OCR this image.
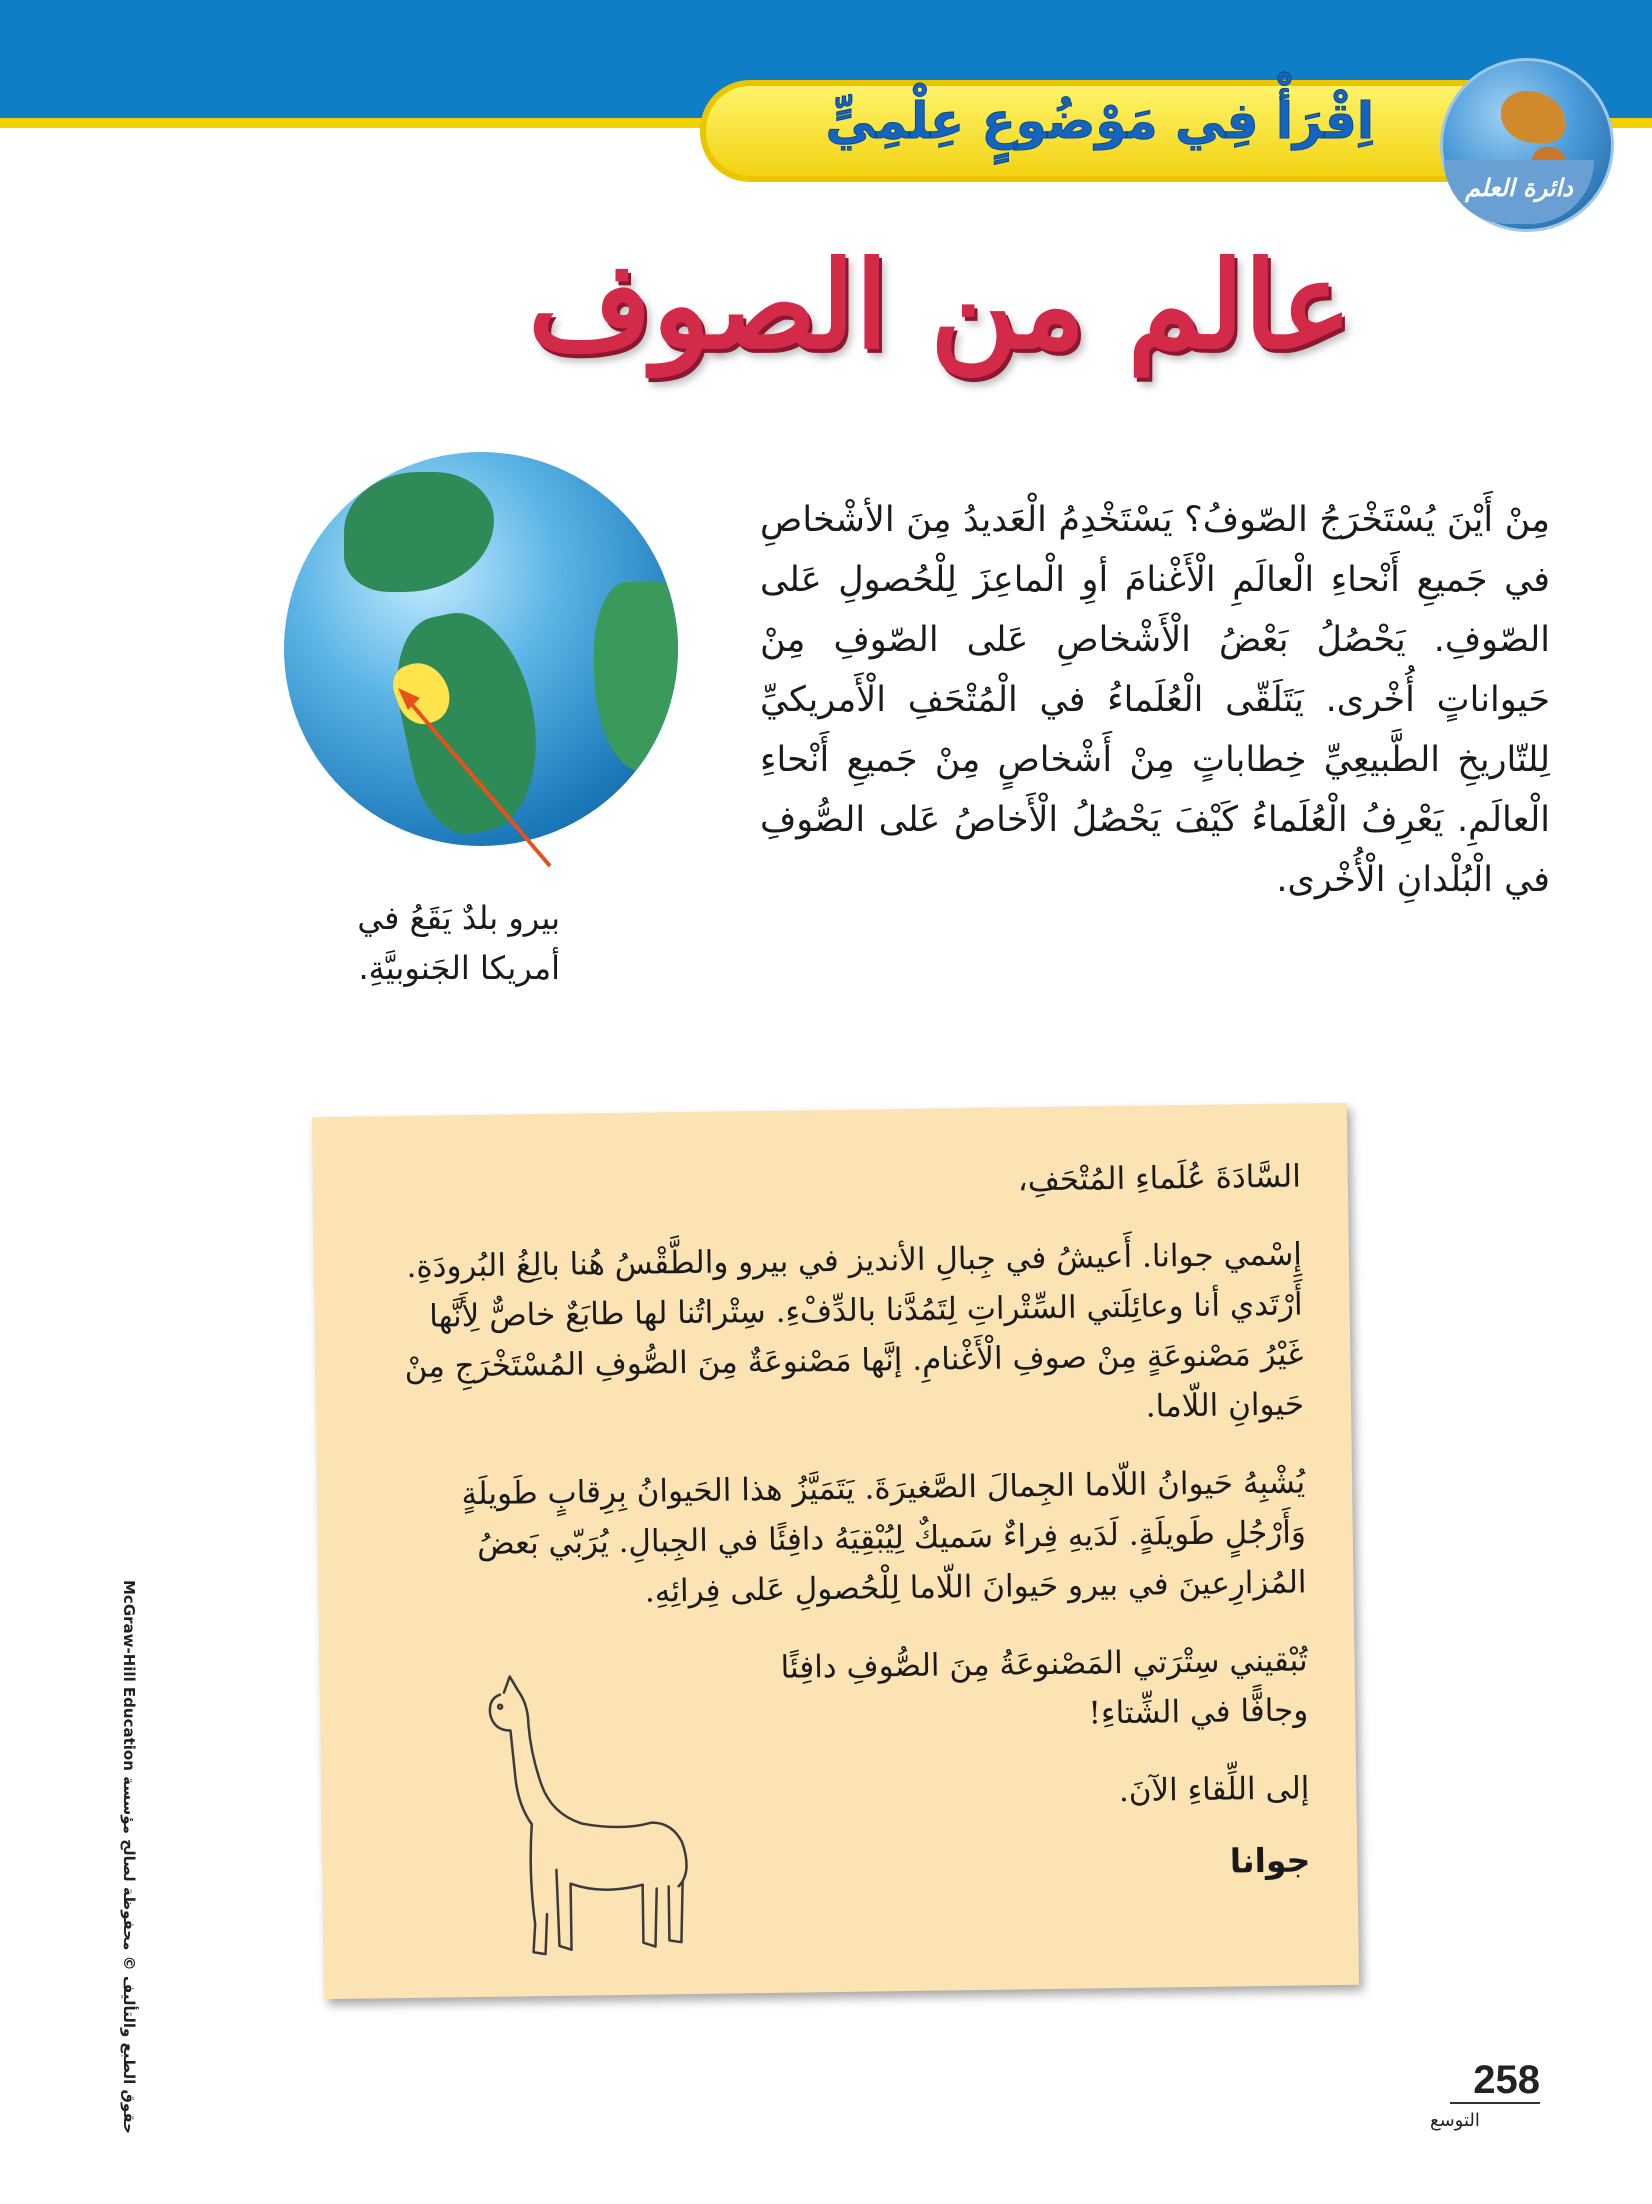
اِقْرَأْ فِي مَوْضُوعٍ عِلْمِيٍّ
دائرة العلم
عالم من الصوف
مِنْ أَيْنَ يُسْتَخْرَجُ الصّوفُ؟ يَسْتَخْدِمُ الْعَديدُ مِنَ الأشْخاصِ في جَميعِ أَنْحاءِ الْعالَمِ الْأَغْنامَ أوِ الْماعِزَ لِلْحُصولِ عَلى الصّوفِ. يَحْصُلُ بَعْضُ الْأَشْخاصِ عَلى الصّوفِ مِنْ حَيواناتٍ أُخْرى. يَتَلَقّى الْعُلَماءُ في الْمُتْحَفِ الْأَمريكيِّ لِلتّاريخِ الطَّبيعِيِّ خِطاباتٍ مِنْ أَشْخاصٍ مِنْ جَميعِ أَنْحاءِ الْعالَمِ. يَعْرِفُ الْعُلَماءُ كَيْفَ يَحْصُلُ الْأَخاصُ عَلى الصُّوفِ في الْبُلْدانِ الْأُخْرى.
بيرو بلدٌ يَقَعُ في أمريكا الجَنوبيَّةِ.

السَّادَةَ عُلَماءِ المُتْحَفِ،

إِسْمي جوانا. أَعيشُ في جِبالِ الأنديز في بيرو والطَّقْسُ هُنا بالِغُ البُرودَةِ. أَرْتَدي أنا وعائِلَتي السِّتْراتِ لِتَمُدَّنا بالدِّفْءِ. سِتْراتُنا لها طابَعٌ خاصٌّ لِأَنَّها غَيْرُ مَصْنوعَةٍ مِنْ صوفِ الْأَغْنامِ. إنَّها مَصْنوعَةٌ مِنَ الصُّوفِ المُسْتَخْرَجِ مِنْ حَيوانِ اللّاما.

يُشْبِهُ حَيوانُ اللّاما الجِمالَ الصَّغيرَةَ. يَتَمَيَّزُ هذا الحَيوانُ بِرِقابٍ طَويلَةٍ وَأَرْجُلٍ طَويلَةٍ. لَدَيهِ فِراءٌ سَميكٌ لِيُبْقِيَهُ دافِئًا في الجِبالِ. يُرَبّي بَعضُ المُزارِعينَ في بيرو حَيوانَ اللّاما لِلْحُصولِ عَلى فِرائِهِ.

تُبْقيني سِتْرَتي المَصْنوعَةُ مِنَ الصُّوفِ دافِئًا وجافًّا في الشِّتاءِ!

إلى اللِّقاءِ الآنَ.

جوانا
McGraw-Hill Education حقوق الطبع والتأليف © محفوظة لصالح مؤسسة	258
التوسع
